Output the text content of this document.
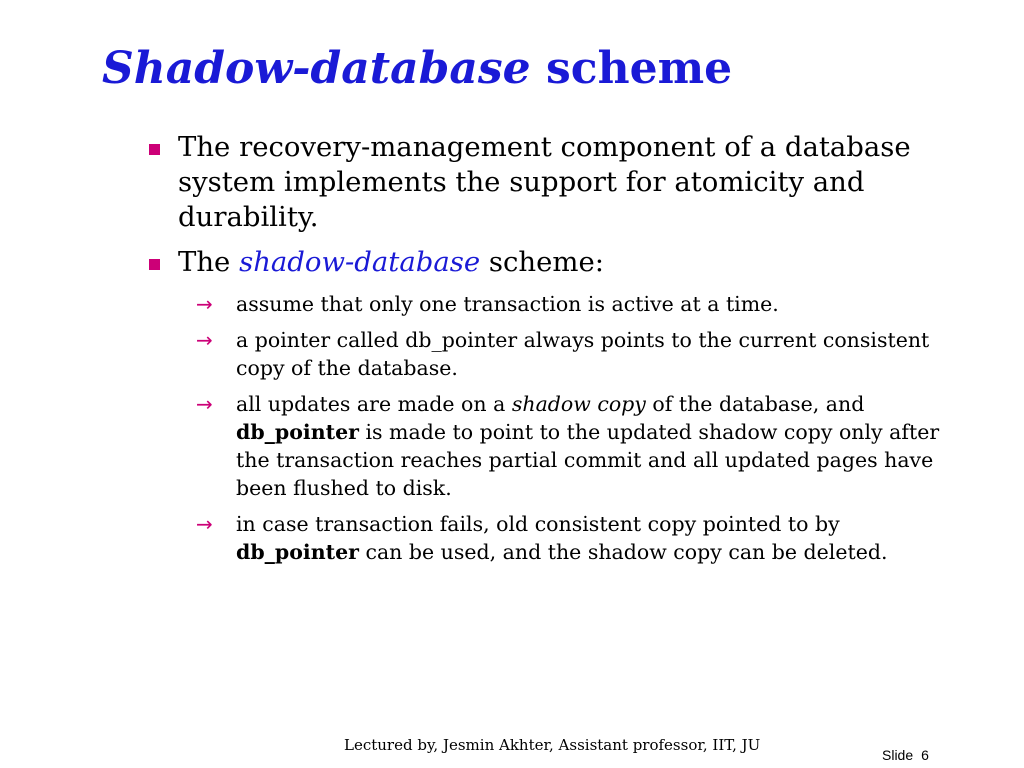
Shadow-database scheme
The recovery-management component of a database system implements the support for atomicity and durability.
The shadow-database scheme:
→ assume that only one transaction is active at a time.
→ a pointer called db_pointer always points to the current consistent copy of the database.
→ all updates are made on a shadow copy of the database, and db_pointer is made to point to the updated shadow copy only after the transaction reaches partial commit and all updated pages have been flushed to disk.
→ in case transaction fails, old consistent copy pointed to by db_pointer can be used, and the shadow copy can be deleted.
Lectured by, Jesmin Akhter, Assistant professor, IIT, JU
Slide 6
